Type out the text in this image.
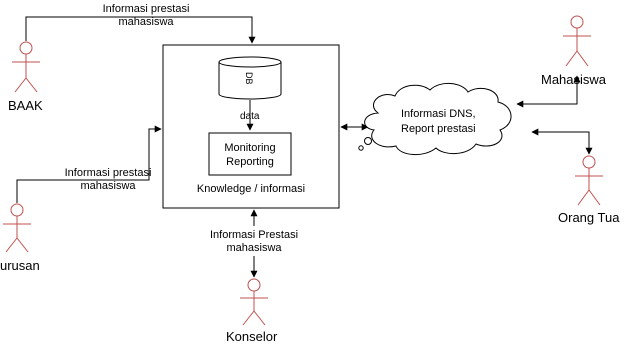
BAAK
Mahasiswa
Orang Tua
urusan
Konselor
DB
data
Monitoring
Reporting
Knowledge / informasi
Informasi prestasi
mahasiswa
Informasi prestasi
mahasiswa
Informasi Prestasi
mahasiswa
Informasi DNS,
Report prestasi
